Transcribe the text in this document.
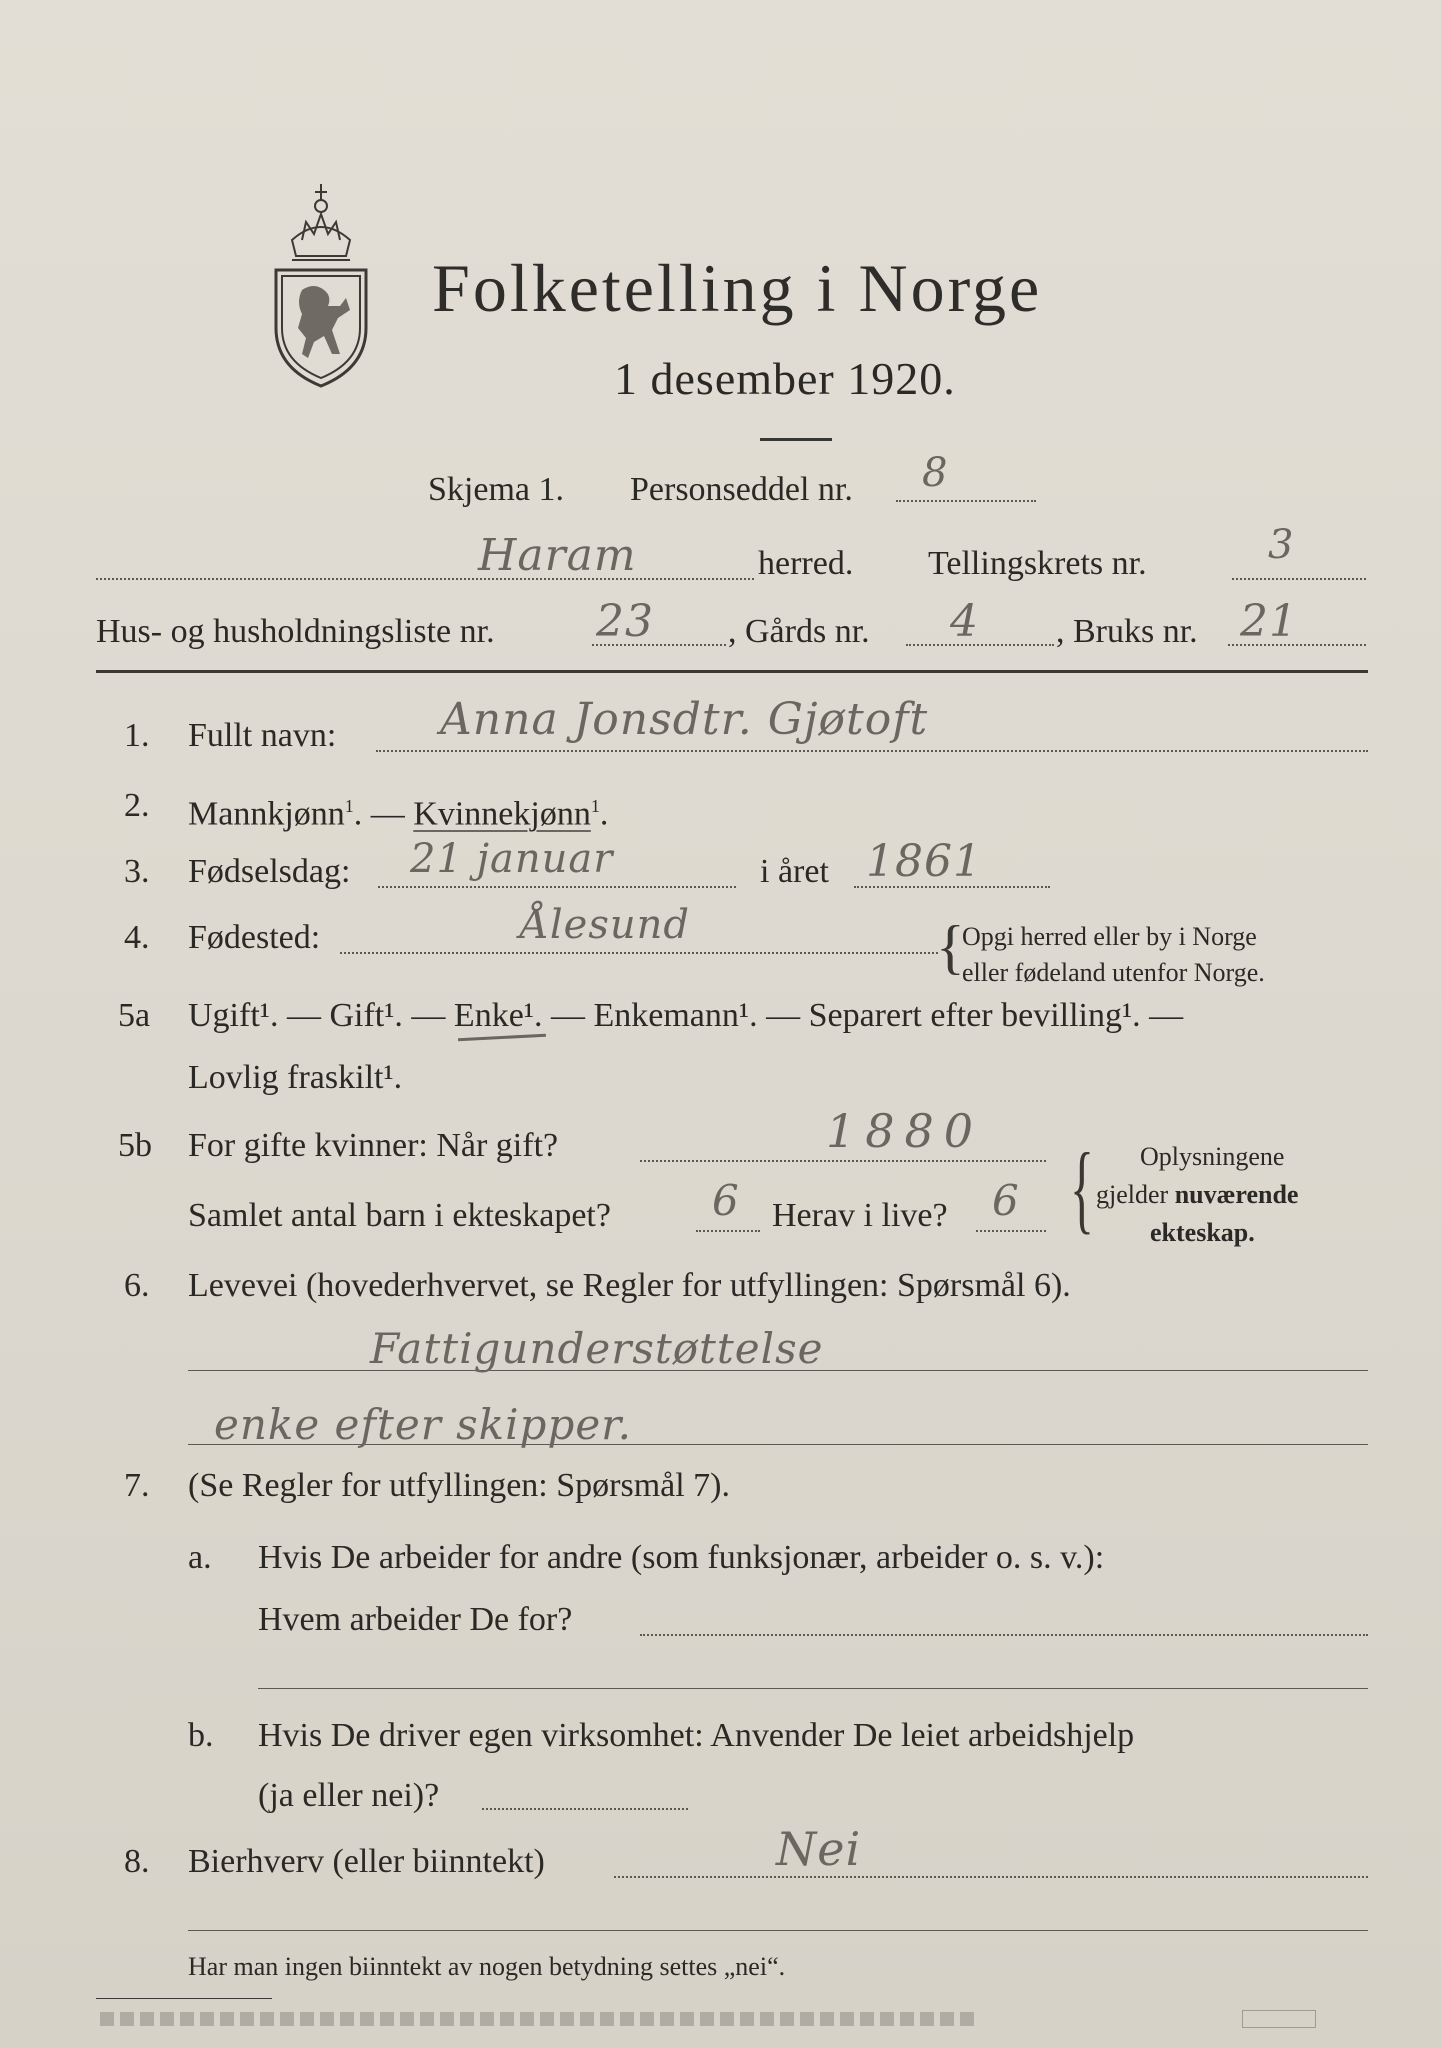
Folketelling i Norge
1 desember 1920.
Skjema 1. Personseddel nr. 8
Haram	herred. Tellingskrets nr.	3
Hus- og husholdningsliste nr. 23 , Gårds nr. 4 , Bruks nr. 21
1. Fullt navn: Anna Jonsdtr. Gjøtoft
2. Mannkjønn$^1$. — Kvinnekjønn$^1$.
3. Fødselsdag: 21 januar	i året 1861
4. Fødested:	Ålesund	{
Opgi herred eller by i Norge
eller fødeland utenfor Norge.
5a Ugift¹. — Gift¹. — Enke¹. — Enkemann¹. — Separert efter bevilling¹. —
Lovlig fraskilt¹.
5b For gifte kvinner: Når gift?	1880
Samlet antal barn i ekteskapet? 6 Herav i live? 6 { Oplysningene
gjelder nuværende
ekteskap.
6. Levevei (hovederhvervet, se Regler for utfyllingen: Spørsmål 6).
Fattigunderstøttelse
enke efter skipper.
7. (Se Regler for utfyllingen: Spørsmål 7).
a. Hvis De arbeider for andre (som funksjonær, arbeider o. s. v.):
Hvem arbeider De for?
b. Hvis De driver egen virksomhet: Anvender De leiet arbeidshjelp
(ja eller nei)?
8. Bierhverv (eller biinntekt)	Nei
Har man ingen biinntekt av nogen betydning settes „nei“.
